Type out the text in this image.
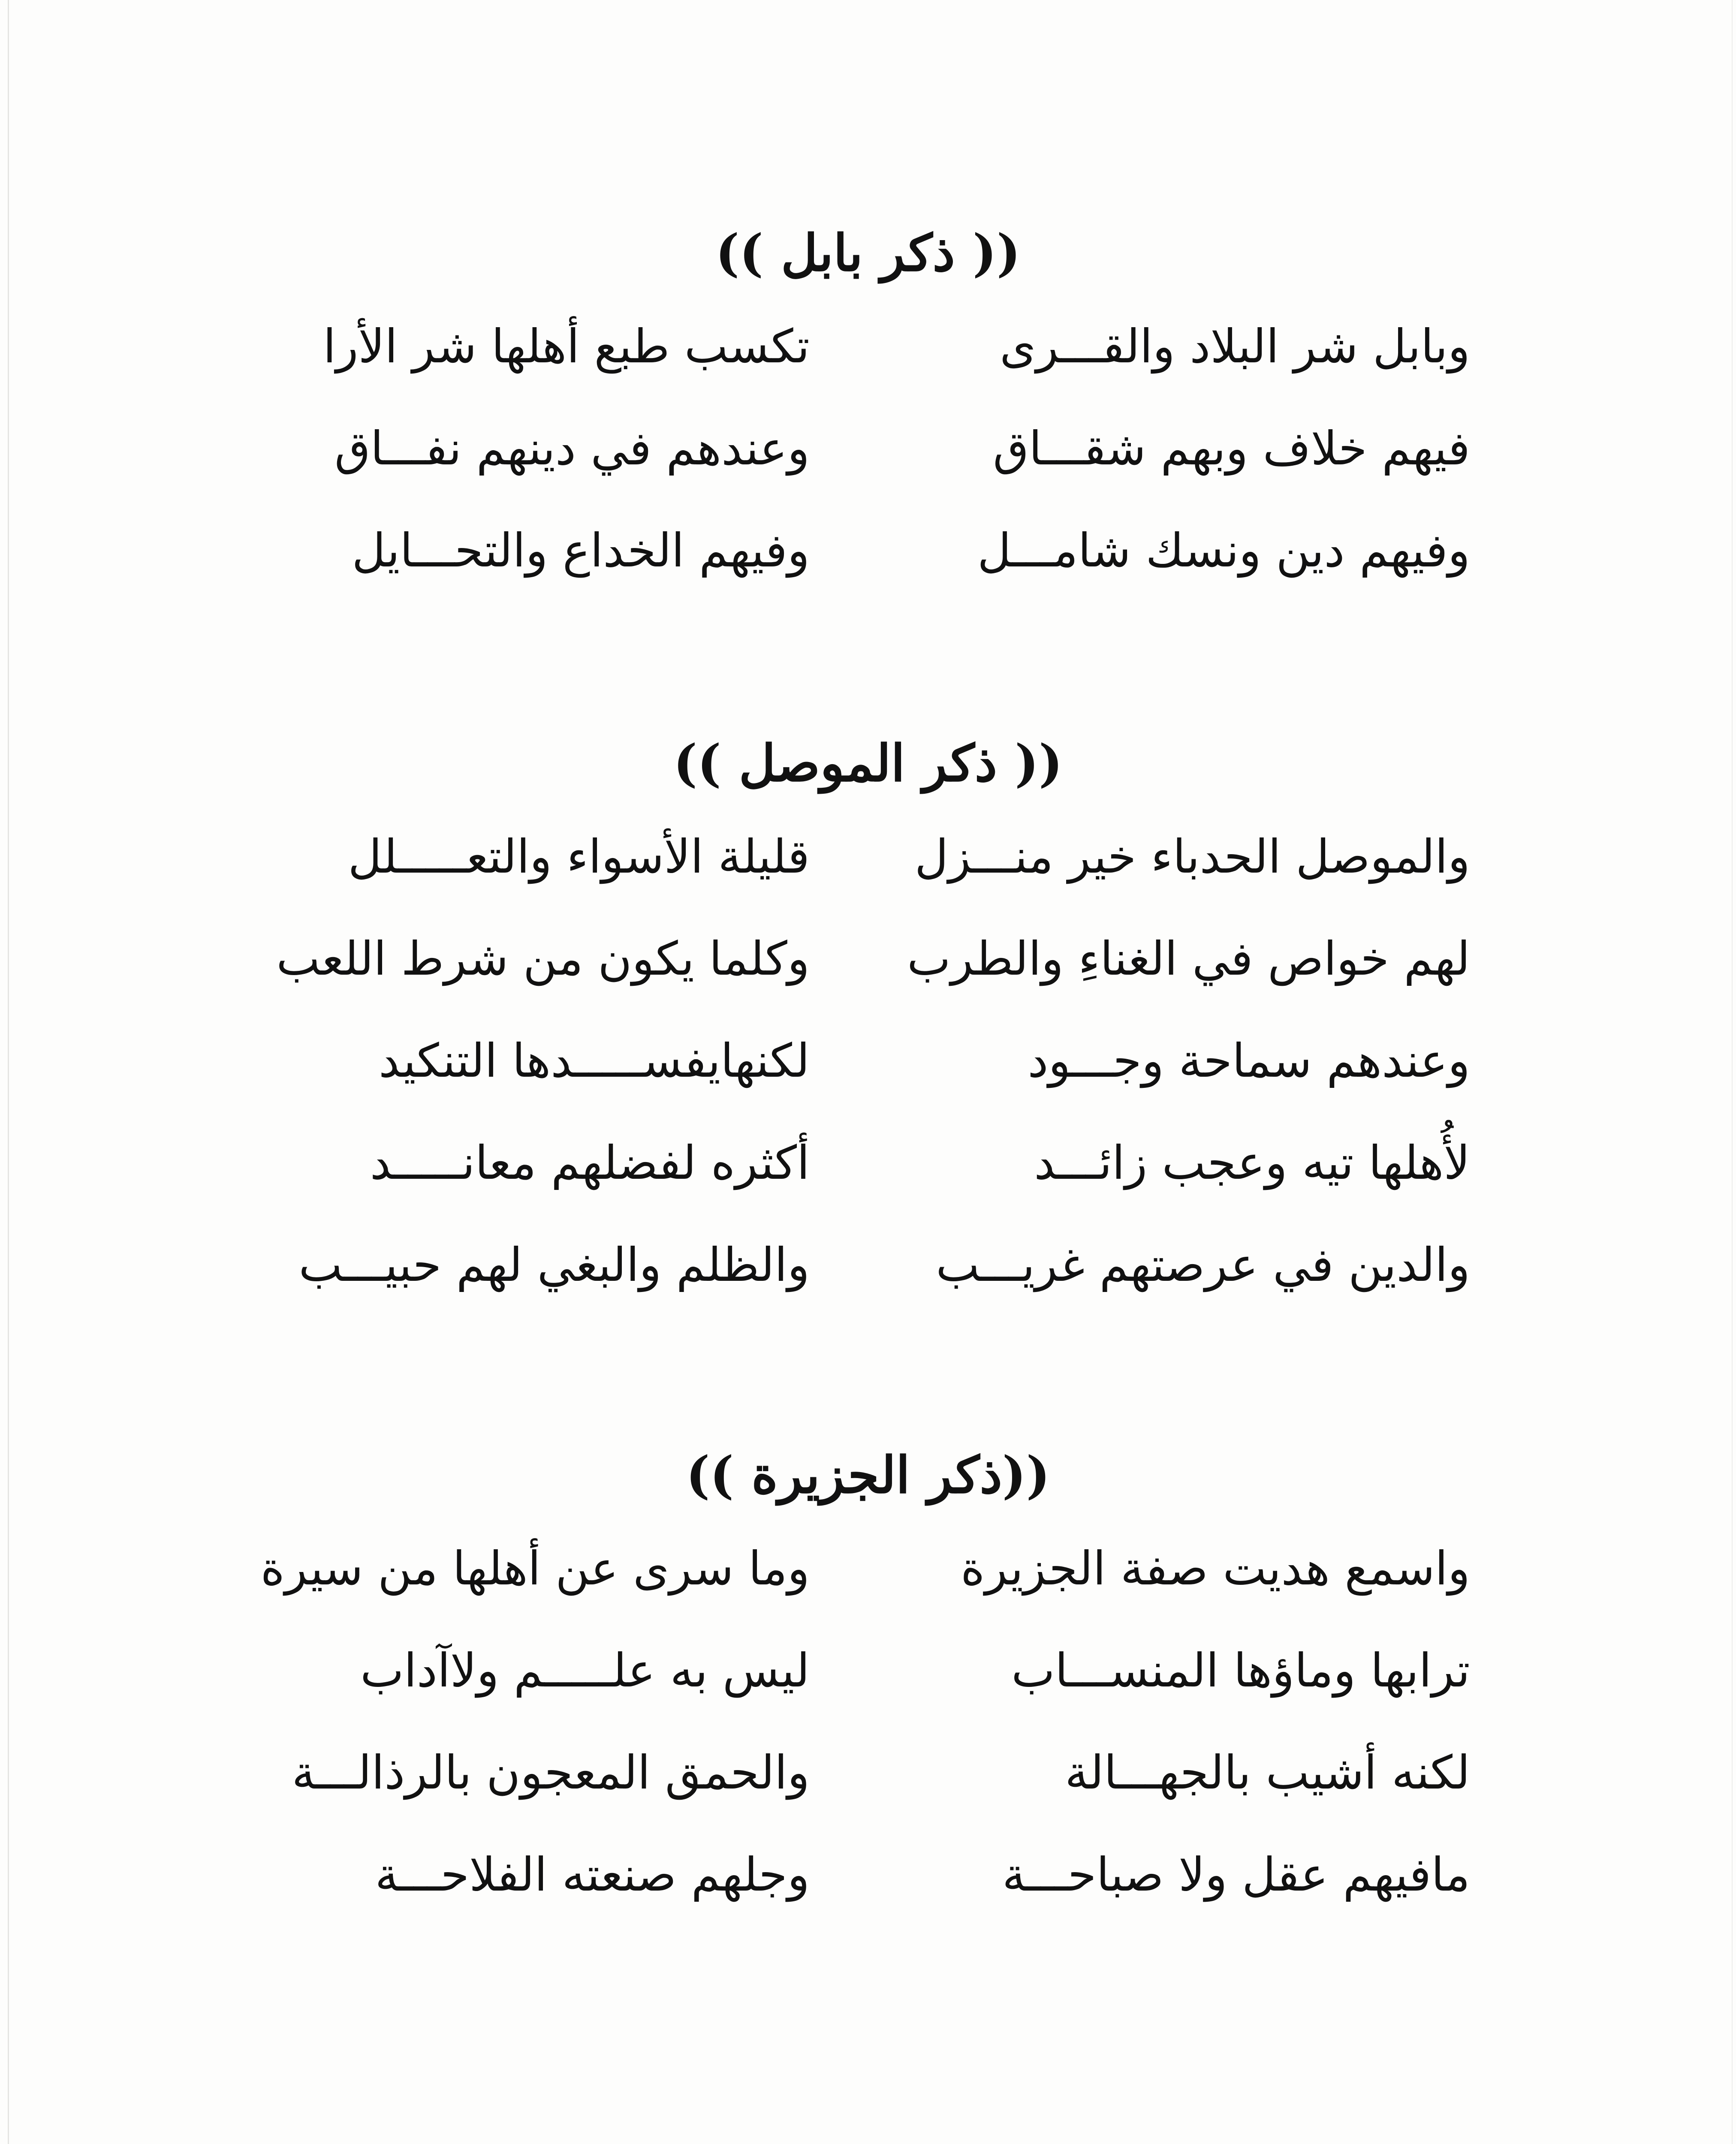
(( ذكر بابل ))
وبابل شر البلاد والقـــرى
تكسب طبع أهلها شر الأرا
فيهم خلاف وبهم شقـــاق
وعندهم في دينهم نفـــاق
وفيهم دين ونسك شامـــل
وفيهم الخداع والتحـــايل
(( ذكر الموصل ))
والموصل الحدباء خير منـــزل
قليلة الأسواء والتعـــــلل
لهم خواص في الغناءِ والطرب
وكلما يكون من شرط اللعب
وعندهم سماحة وجـــود
لكنهايفســـــدها التنكيد
لأُهلها تيه وعجب زائـــد
أكثره لفضلهم معانـــــد
والدين في عرصتهم غريـــب
والظلم والبغي لهم حبيـــب
((ذكر الجزيرة ))
واسمع هديت صفة الجزيرة
وما سرى عن أهلها من سيرة
ترابها وماؤها المنســـاب
ليس به علـــــم ولاآداب
لكنه أشيب بالجهـــالة
والحمق المعجون بالرذالـــة
مافيهم عقل ولا صباحـــة
وجلهم صنعته الفلاحـــة
